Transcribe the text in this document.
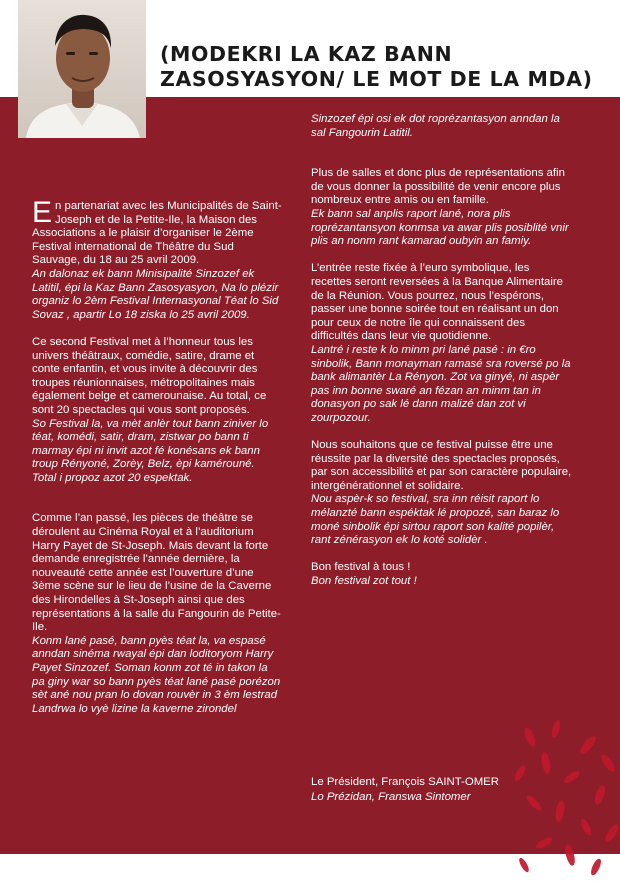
(MODEKRI LA KAZ BANN ZASOSYASYON/ LE MOT DE LA MDA)

E n partenariat avec les Municipalités de Saint-Joseph et de la Petite-Ile, la Maison des Associations a le plaisir d’organiser le 2ème Festival international de Théâtre du Sud Sauvage, du 18 au 25 avril 2009.
An dalonaz ek bann Minisipalité Sinzozef ek Latitil, épi la Kaz Bann Zasosyasyon, Na lo plézir organiz lo 2èm Festival Internasyonal Téat lo Sid Sovaz , apartir Lo 18 ziska lo 25 avril 2009.

Ce second Festival met à l’honneur tous les univers théâtraux, comédie, satire, drame et conte enfantin, et vous invite à découvrir des troupes réunionnaises, métropolitaines mais également belge et camerounaise. Au total, ce sont 20 spectacles qui vous sont proposés.
So Festival la, va mèt anlèr tout bann ziniver lo téat, komédi, satir, dram, zistwar po bann ti marmay épi ni invit azot fé konésans ek bann troup Rényoné, Zorèy, Belz, èpi kamérouné.
Total i propoz azot 20 espektak.

Comme l’an passé, les pièces de théâtre se déroulent au Cinéma Royal et à l’auditorium Harry Payet de St-Joseph. Mais devant la forte demande enregistrée l’année dernière, la nouveauté cette année est l’ouverture d’une 3ème scène sur le lieu de l’usine de la Caverne des Hirondelles à St-Joseph ainsi que des représentations à la salle du Fangourin de Petite-Ile.
Konm lané pasé, bann pyès téat la, va espasé anndan sinéma rwayal épi dan loditoryom Harry Payet Sinzozef. Soman konm zot té in takon la pa giny war so bann pyès téat lané pasé porézon sèt ané nou pran lo dovan rouvèr in 3 èm lestrad Landrwa lo vyè lizine la kaverne zirondel

Sinzozef épi osi ek dot roprézantasyon anndan la sal Fangourin Latitil.

Plus de salles et donc plus de représentations afin de vous donner la possibilité de venir encore plus nombreux entre amis ou en famille.
Ek bann sal anplis raport lané, nora plis roprézantansyon konmsa va awar plis posiblité vnir plis an nonm rant kamarad oubyin an famiy.

L’entrée reste fixée à l’euro symbolique, les recettes seront reversées à la Banque Alimentaire de la Réunion. Vous pourrez, nous l’espérons, passer une bonne soirée tout en réalisant un don pour ceux de notre île qui connaissent des difficultés dans leur vie quotidienne.
Lantré i reste k lo minm pri lané pasé : in €ro sinbolik, Bann monayman ramasé sra roversé po la bank alimantèr La Rényon. Zot va ginyé, ni aspèr pas inn bonne swaré an fézan an minm tan in donasyon po sak lé dann malizé dan zot vi zourpozour.

Nous souhaitons que ce festival puisse être une réussite par la diversité des spectacles proposés, par son accessibilité et par son caractère populaire, intergénérationnel et solidaire.
Nou aspèr-k so festival, sra inn réisit raport lo mélanzté bann espéktak lé propozé, san baraz lo moné sinbolik épi sirtou raport son kalité popilèr, rant zénérasyon ek lo koté solidèr .

Bon festival à tous !
Bon festival zot tout !

Le Président, François SAINT-OMER
Lo Prézidan, Franswa Sintomer
